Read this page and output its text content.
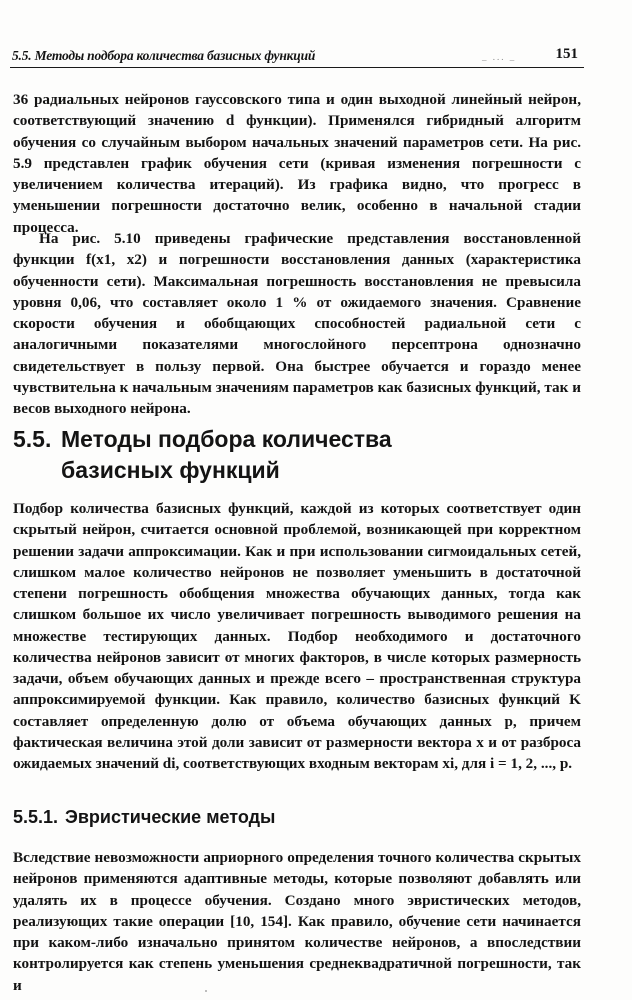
5.5. Методы подбора количества базисных функций	_ ... _	151

36 радиальных нейронов гауссовского типа и один выходной линейный нейрон, соответствующий значению d функции). Применялся гибридный алгоритм обучения со случайным выбором начальных значений параметров сети. На рис. 5.9 представлен график обучения сети (кривая изменения погрешности с увеличением количества итераций). Из графика видно, что прогресс в уменьшении погрешности достаточно велик, особенно в начальной стадии процесса.

На рис. 5.10 приведены графические представления восстановленной функции f(x1, x2) и погрешности восстановления данных (характеристика обученности сети). Максимальная погрешность восстановления не превысила уровня 0,06, что составляет около 1 % от ожидаемого значения. Сравнение скорости обучения и обобщающих способностей радиальной сети с аналогичными показателями многослойного персептрона однозначно свидетельствует в пользу первой. Она быстрее обучается и гораздо менее чувствительна к начальным значениям параметров как базисных функций, так и весов выходного нейрона.

5.5. Методы подбора количества
базисных функций

Подбор количества базисных функций, каждой из которых соответствует один скрытый нейрон, считается основной проблемой, возникающей при корректном решении задачи аппроксимации. Как и при использовании сигмоидальных сетей, слишком малое количество нейронов не позволяет уменьшить в достаточной степени погрешность обобщения множества обучающих данных, тогда как слишком большое их число увеличивает погрешность выводимого решения на множестве тестирующих данных. Подбор необходимого и достаточного количества нейронов зависит от многих факторов, в числе которых размерность задачи, объем обучающих данных и прежде всего – пространственная структура аппроксимируемой функции. Как правило, количество базисных функций K составляет определенную долю от объема обучающих данных p, причем фактическая величина этой доли зависит от размерности вектора x и от разброса ожидаемых значений di, соответствующих входным векторам xi, для i = 1, 2, ..., p.

5.5.1. Эвристические методы

Вследствие невозможности априорного определения точного количества скрытых нейронов применяются адаптивные методы, которые позволяют добавлять или удалять их в процессе обучения. Создано много эвристических методов, реализующих такие операции [10, 154]. Как правило, обучение сети начинается при каком-либо изначально принятом количестве нейронов, а впоследствии контролируется как степень уменьшения среднеквадратичной погрешности, так и
